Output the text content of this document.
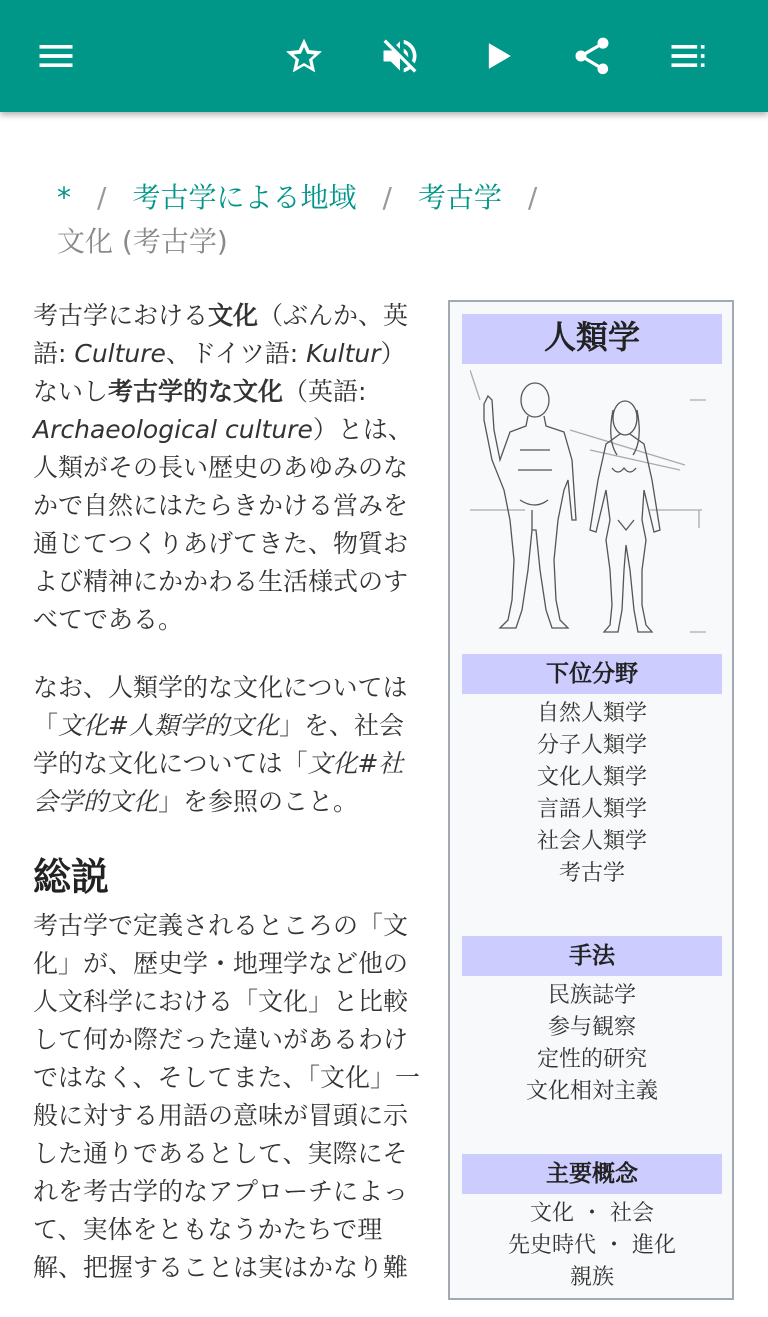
* / 考古学による地域 / 考古学 /
文化 (考古学)

考古学における文化（ぶんか、英語: Culture、ドイツ語: Kultur）ないし考古学的な文化（英語: Archaeological culture）とは、人類がその長い歴史のあゆみのなかで自然にはたらきかける営みを通じてつくりあげてきた、物質および精神にかかわる生活様式のすべてである。

なお、人類学的な文化については「文化#人類学的文化」を、社会学的な文化については「文化#社会学的文化」を参照のこと。

総説

考古学で定義されるところの「文化」が、歴史学・地理学など他の人文科学における「文化」と比較して何か際だった違いがあるわけではなく、そしてまた、「文化」一般に対する用語の意味が冒頭に示した通りであるとして、実際にそれを考古学的なアプローチによって、実体をともなうかたちで理解、把握することは実はかなり難

人類学
下位分野
自然人類学
分子人類学
文化人類学
言語人類学
社会人類学
考古学
手法
民族誌学
参与観察
定性的研究
文化相対主義
主要概念
文化 ・ 社会
先史時代 ・ 進化
親族
